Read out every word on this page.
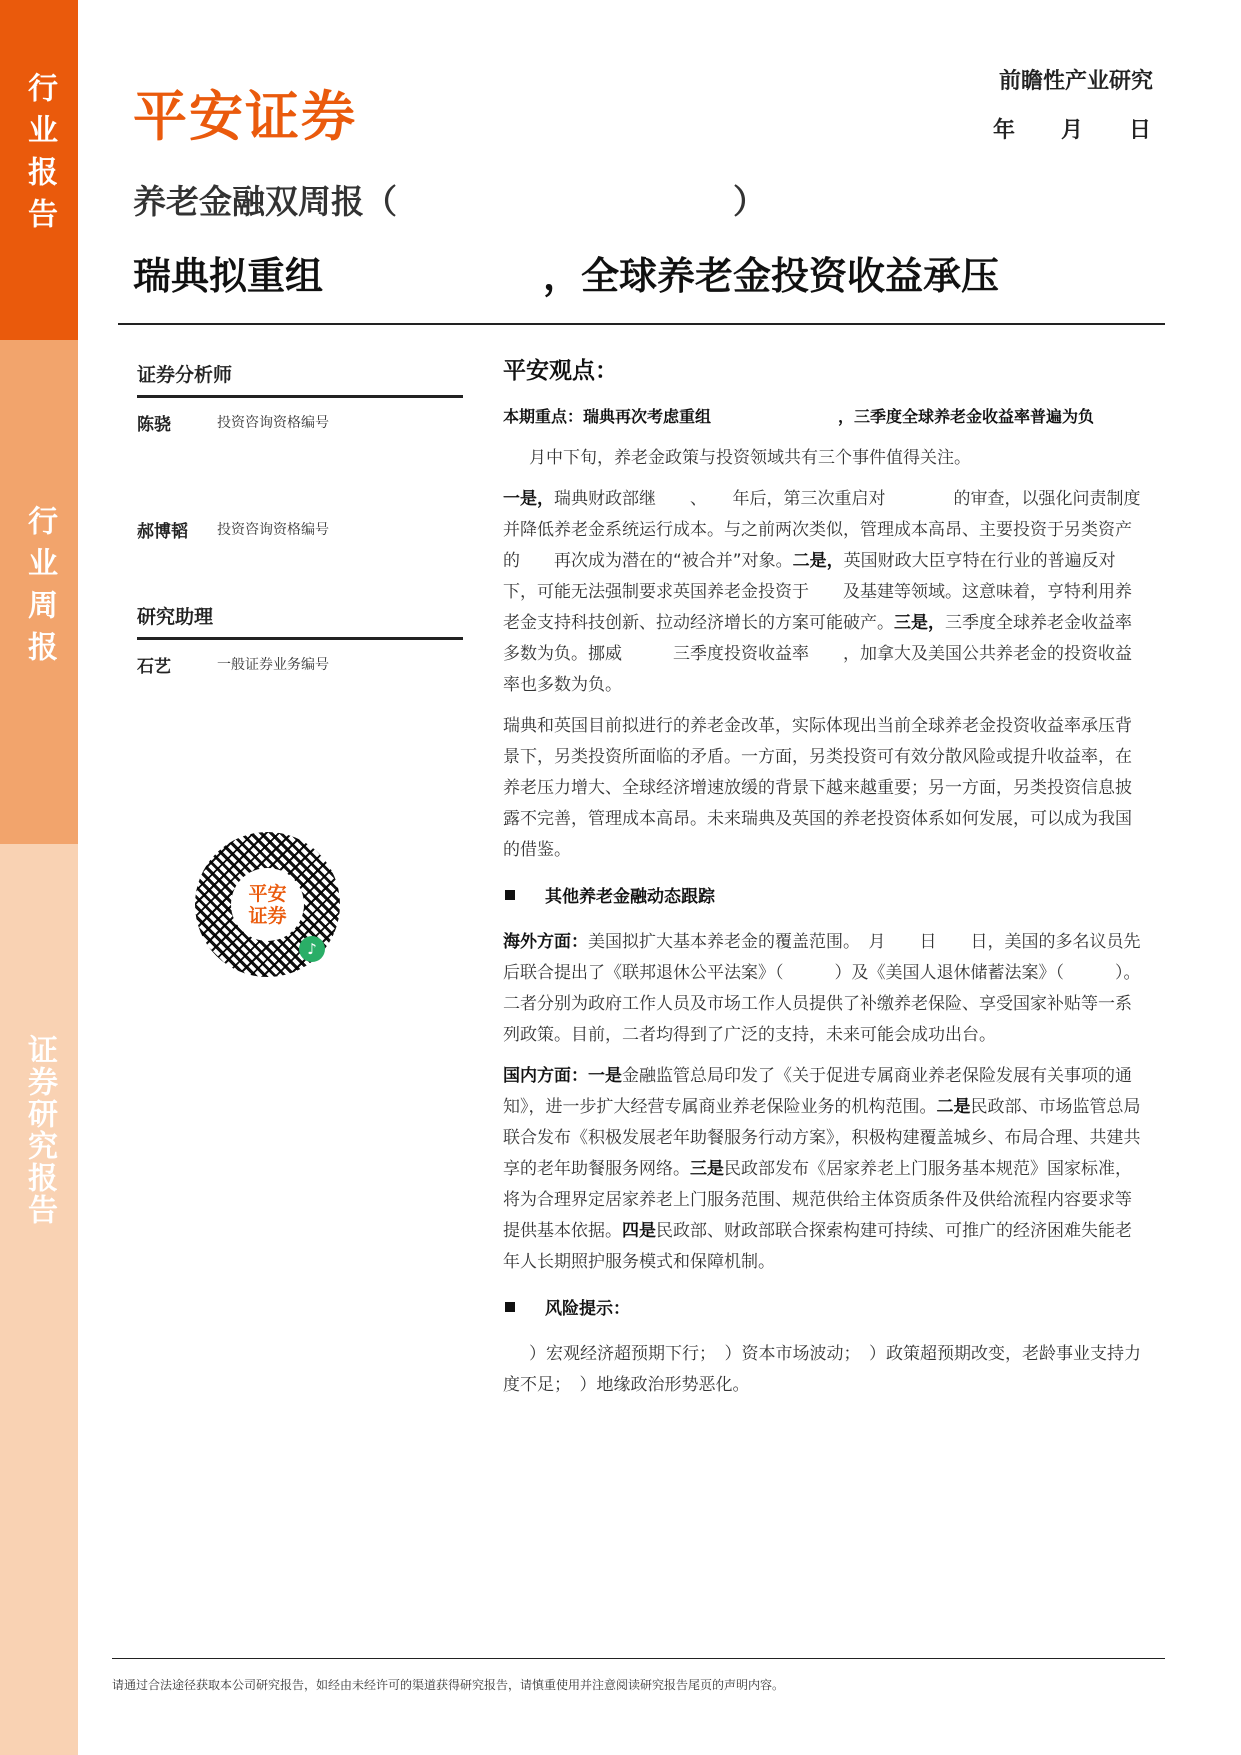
行业报告
行业周报
证券研究报告
平安证券
前瞻性产业研究
年 月 日
养老金融双周报（	）
瑞典拟重组	，全球养老金投资收益承压
证券分析师
陈骁	投资咨询资格编号
郝博韬	投资咨询资格编号
研究助理
石艺	一般证券业务编号
平安
证券
♪
平安观点：
本期重点：瑞典再次考虑重组	，三季度全球养老金收益率普遍为负

月中下旬，养老金政策与投资领域共有三个事件值得关注。

一是，瑞典财政部继　　、　　年后，第三次重启对　　　　的审查，以强化问责制度并降低养老金系统运行成本。与之前两次类似，管理成本高昂、主要投资于另类资产的　　再次成为潜在的“被合并”对象。二是，英国财政大臣亨特在行业的普遍反对下，可能无法强制要求英国养老金投资于　　及基建等领域。这意味着，亨特利用养老金支持科技创新、拉动经济增长的方案可能破产。三是，三季度全球养老金收益率多数为负。挪威　　　三季度投资收益率　　，加拿大及美国公共养老金的投资收益率也多数为负。

瑞典和英国目前拟进行的养老金改革，实际体现出当前全球养老金投资收益率承压背景下，另类投资所面临的矛盾。一方面，另类投资可有效分散风险或提升收益率，在养老压力增大、全球经济增速放缓的背景下越来越重要；另一方面，另类投资信息披露不完善，管理成本高昂。未来瑞典及英国的养老投资体系如何发展，可以成为我国的借鉴。

其他养老金融动态跟踪

海外方面：美国拟扩大基本养老金的覆盖范围。　月　　日　　日，美国的多名议员先后联合提出了《联邦退休公平法案》（　　　）及《美国人退休储蓄法案》（　　　）。二者分别为政府工作人员及市场工作人员提供了补缴养老保险、享受国家补贴等一系列政策。目前，二者均得到了广泛的支持，未来可能会成功出台。

国内方面：一是金融监管总局印发了《关于促进专属商业养老保险发展有关事项的通知》，进一步扩大经营专属商业养老保险业务的机构范围。二是民政部、市场监管总局联合发布《积极发展老年助餐服务行动方案》，积极构建覆盖城乡、布局合理、共建共享的老年助餐服务网络。三是民政部发布《居家养老上门服务基本规范》国家标准，将为合理界定居家养老上门服务范围、规范供给主体资质条件及供给流程内容要求等提供基本依据。四是民政部、财政部联合探索构建可持续、可推广的经济困难失能老年人长期照护服务模式和保障机制。

风险提示：

）宏观经济超预期下行；　）资本市场波动；　）政策超预期改变，老龄事业支持力度不足；　）地缘政治形势恶化。

请通过合法途径获取本公司研究报告，如经由未经许可的渠道获得研究报告，请慎重使用并注意阅读研究报告尾页的声明内容。
